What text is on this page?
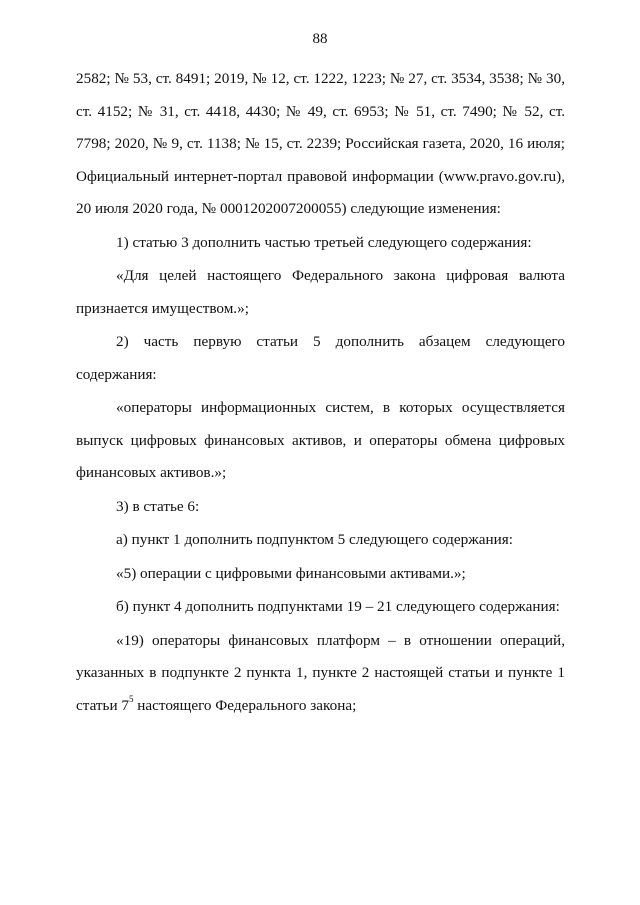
88

2582; № 53, ст. 8491; 2019, № 12, ст. 1222, 1223; № 27, ст. 3534, 3538; № 30, ст. 4152; № 31, ст. 4418, 4430; № 49, ст. 6953; № 51, ст. 7490; № 52, ст. 7798; 2020, № 9, ст. 1138; № 15, ст. 2239; Российская газета, 2020, 16 июля; Официальный интернет-портал правовой информации (www.pravo.gov.ru), 20 июля 2020 года, № 0001202007200055) следующие изменения:

1) статью 3 дополнить частью третьей следующего содержания:

«Для целей настоящего Федерального закона цифровая валюта признается имуществом.»;

2) часть первую статьи 5 дополнить абзацем следующего содержания:

«операторы информационных систем, в которых осуществляется выпуск цифровых финансовых активов, и операторы обмена цифровых финансовых активов.»;

3) в статье 6:

а) пункт 1 дополнить подпунктом 5 следующего содержания:

«5) операции с цифровыми финансовыми активами.»;

б) пункт 4 дополнить подпунктами 19 – 21 следующего содержания:

«19) операторы финансовых платформ – в отношении операций, указанных в подпункте 2 пункта 1, пункте 2 настоящей статьи и пункте 1 статьи $7^5$ настоящего Федерального закона;
